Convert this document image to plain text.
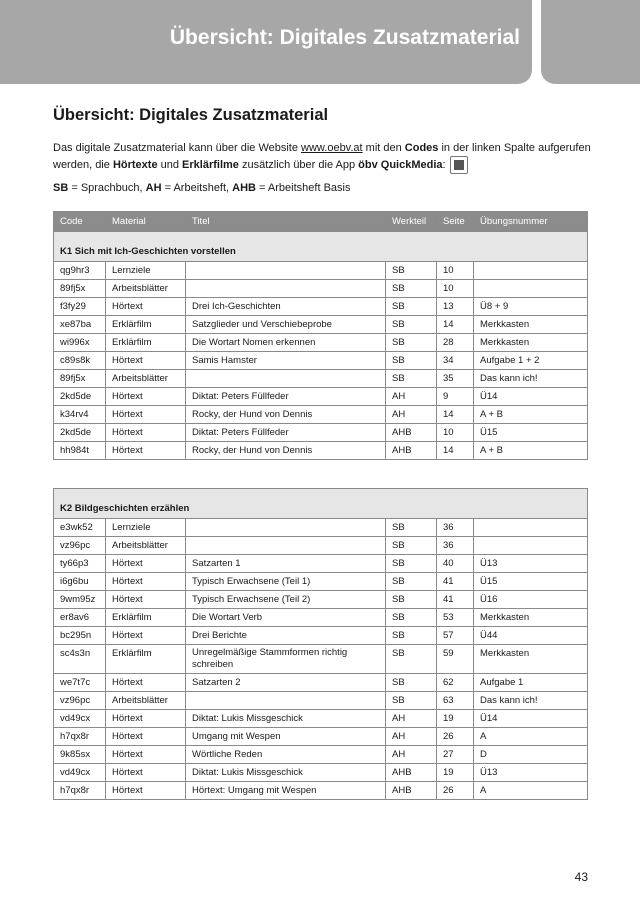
Übersicht: Digitales Zusatzmaterial
Übersicht: Digitales Zusatzmaterial
Das digitale Zusatzmaterial kann über die Website www.oebv.at mit den Codes in der linken Spalte aufgerufen werden, die Hörtexte und Erklärfilme zusätzlich über die App öbv QuickMedia:
SB = Sprachbuch, AH = Arbeitsheft, AHB = Arbeitsheft Basis
Code	Material	Titel	Werkteil	Seite	Übungsnummer
K1 Sich mit Ich-Geschichten vorstellen					
qg9hr3	Lernziele		SB	10	
89fj5x	Arbeitsblätter		SB	10	
f3fy29	Hörtext	Drei Ich-Geschichten	SB	13	Ü8 + 9
xe87ba	Erklärfilm	Satzglieder und Verschiebeprobe	SB	14	Merkkasten
wi996x	Erklärfilm	Die Wortart Nomen erkennen	SB	28	Merkkasten
c89s8k	Hörtext	Samis Hamster	SB	34	Aufgabe 1 + 2
89fj5x	Arbeitsblätter		SB	35	Das kann ich!
2kd5de	Hörtext	Diktat: Peters Füllfeder	AH	9	Ü14
k34rv4	Hörtext	Rocky, der Hund von Dennis	AH	14	A + B
2kd5de	Hörtext	Diktat: Peters Füllfeder	AHB	10	Ü15
hh984t	Hörtext	Rocky, der Hund von Dennis	AHB	14	A + B
K2 Bildgeschichten erzählen					
e3wk52	Lernziele		SB	36	
vz96pc	Arbeitsblätter		SB	36	
ty66p3	Hörtext	Satzarten 1	SB	40	Ü13
i6g6bu	Hörtext	Typisch Erwachsene (Teil 1)	SB	41	Ü15
9wm95z	Hörtext	Typisch Erwachsene (Teil 2)	SB	41	Ü16
er8av6	Erklärfilm	Die Wortart Verb	SB	53	Merkkasten
bc295n	Hörtext	Drei Berichte	SB	57	Ü44
sc4s3n	Erklärfilm	Unregelmäßige Stammformen richtig schreiben	SB	59	Merkkasten
we7t7c	Hörtext	Satzarten 2	SB	62	Aufgabe 1
vz96pc	Arbeitsblätter		SB	63	Das kann ich!
vd49cx	Hörtext	Diktat: Lukis Missgeschick	AH	19	Ü14
h7qx8r	Hörtext	Umgang mit Wespen	AH	26	A
9k85sx	Hörtext	Wörtliche Reden	AH	27	D
vd49cx	Hörtext	Diktat: Lukis Missgeschick	AHB	19	Ü13
h7qx8r	Hörtext	Hörtext: Umgang mit Wespen	AHB	26	A
43
